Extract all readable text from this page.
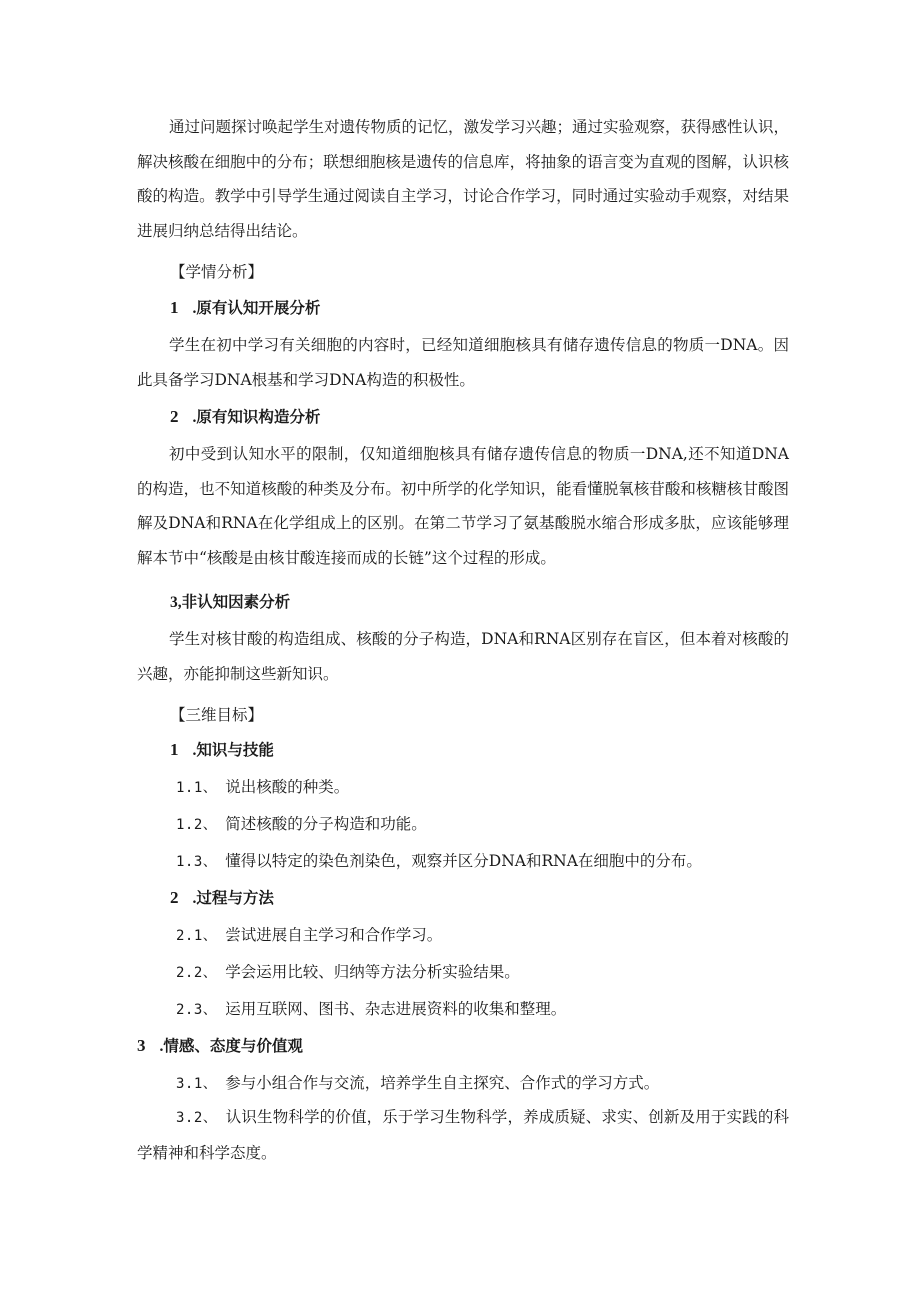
通过问题探讨唤起学生对遗传物质的记忆，激发学习兴趣；通过实验观察，获得感性认识，解决核酸在细胞中的分布；联想细胞核是遗传的信息库，将抽象的语言变为直观的图解，认识核酸的构造。教学中引导学生通过阅读自主学习，讨论合作学习，同时通过实验动手观察，对结果进展归纳总结得出结论。
【学情分析】
1 .原有认知开展分析
学生在初中学习有关细胞的内容时，已经知道细胞核具有储存遗传信息的物质一DNA。因此具备学习DNA根基和学习DNA构造的积极性。
2 .原有知识构造分析
初中受到认知水平的限制，仅知道细胞核具有储存遗传信息的物质一DNA,还不知道DNA的构造，也不知道核酸的种类及分布。初中所学的化学知识，能看懂脱氧核苷酸和核糖核甘酸图解及DNA和RNA在化学组成上的区别。在第二节学习了氨基酸脱水缩合形成多肽，应该能够理解本节中“核酸是由核甘酸连接而成的长链”这个过程的形成。
3,非认知因素分析
学生对核甘酸的构造组成、核酸的分子构造，DNA和RNA区别存在盲区，但本着对核酸的兴趣，亦能抑制这些新知识。
【三维目标】
1 .知识与技能
1.1、 说出核酸的种类。
1.2、 简述核酸的分子构造和功能。
1.3、 懂得以特定的染色剂染色，观察并区分DNA和RNA在细胞中的分布。
2 .过程与方法
2.1、 尝试进展自主学习和合作学习。
2.2、 学会运用比较、归纳等方法分析实验结果。
2.3、 运用互联网、图书、杂志进展资料的收集和整理。
3 .情感、态度与价值观
3.1、 参与小组合作与交流，培养学生自主探究、合作式的学习方式。
3.2、 认识生物科学的价值，乐于学习生物科学，养成质疑、求实、创新及用于实践的科学精神和科学态度。
